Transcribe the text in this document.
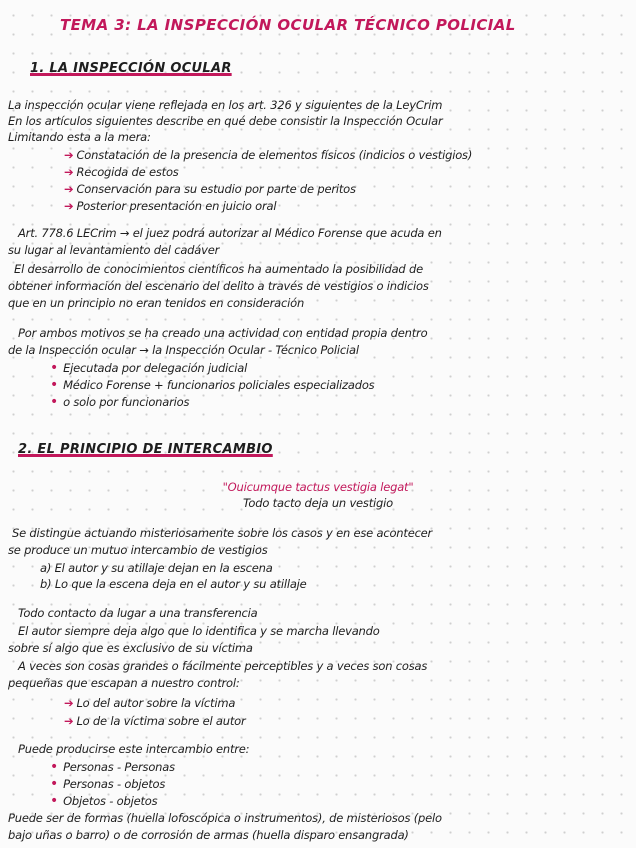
TEMA 3: LA INSPECCIÓN OCULAR TÉCNICO POLICIAL
1. LA INSPECCIÓN OCULAR
La inspección ocular viene reflejada en los art. 326 y siguientes de la LeyCrim
En los artículos siguientes describe en qué debe consistir la Inspección Ocular
Limitando esta a la mera:
➔ Constatación de la presencia de elementos físicos (indicios o vestigios)
➔ Recogida de estos
➔ Conservación para su estudio por parte de peritos
➔ Posterior presentación en juicio oral
Art. 778.6 LECrim → el juez podrá autorizar al Médico Forense que acuda en
su lugar al levantamiento del cadáver
El desarrollo de conocimientos científicos ha aumentado la posibilidad de
obtener información del escenario del delito a través de vestigios o indicios
que en un principio no eran tenidos en consideración
Por ambos motivos se ha creado una actividad con entidad propia dentro
de la Inspección ocular → la Inspección Ocular - Técnico Policial
• Ejecutada por delegación judicial
• Médico Forense + funcionarios policiales especializados
• o solo por funcionarios
2. EL PRINCIPIO DE INTERCAMBIO
"Ouicumque tactus vestigia legat"
Todo tacto deja un vestigio
Se distingue actuando misteriosamente sobre los casos y en ese acontecer
se produce un mutuo intercambio de vestigios
a) El autor y su atillaje dejan en la escena
b) Lo que la escena deja en el autor y su atillaje
Todo contacto da lugar a una transferencia
El autor siempre deja algo que lo identifica y se marcha llevando
sobre sí algo que es exclusivo de su víctima
A veces son cosas grandes o fácilmente perceptibles y a veces son cosas
pequeñas que escapan a nuestro control:
➔ Lo del autor sobre la víctima
➔ Lo de la víctima sobre el autor
Puede producirse este intercambio entre:
• Personas - Personas
• Personas - objetos
• Objetos - objetos
Puede ser de formas (huella lofoscópica o instrumentos), de misteriosos (pelo
bajo uñas o barro) o de corrosión de armas (huella disparo ensangrada)
